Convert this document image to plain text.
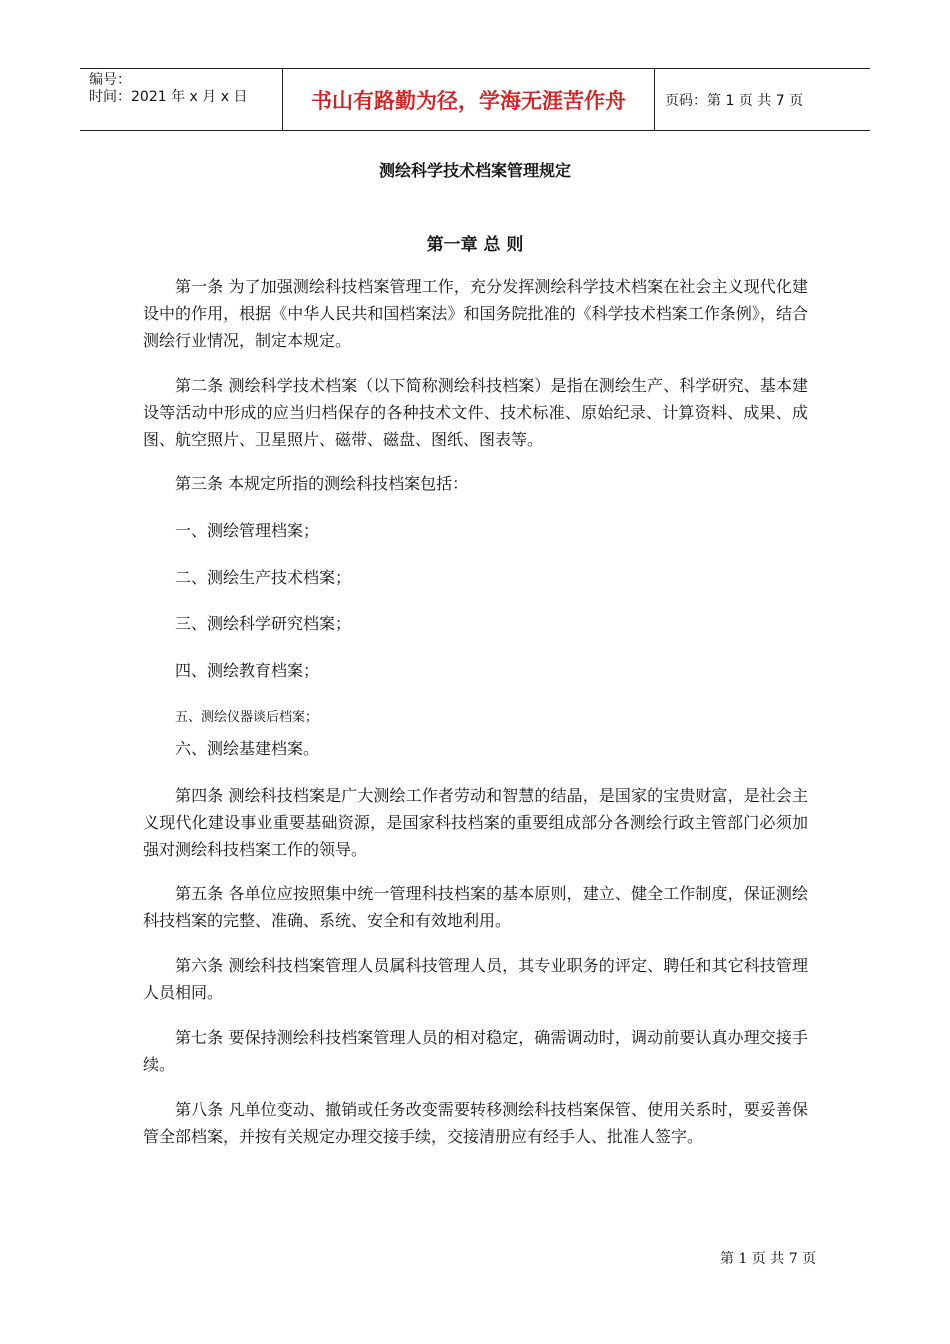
编号：
时间：2021 年 x 月 x 日	书山有路勤为径，学海无涯苦作舟	页码：第 1 页 共 7 页
测绘科学技术档案管理规定
第一章 总 则

第一条 为了加强测绘科技档案管理工作，充分发挥测绘科学技术档案在社会主义现代化建设中的作用，根据《中华人民共和国档案法》和国务院批准的《科学技术档案工作条例》，结合测绘行业情况，制定本规定。

第二条 测绘科学技术档案（以下简称测绘科技档案）是指在测绘生产、科学研究、基本建设等活动中形成的应当归档保存的各种技术文件、技术标准、原始纪录、计算资料、成果、成图、航空照片、卫星照片、磁带、磁盘、图纸、图表等。

第三条 本规定所指的测绘科技档案包括：

一、测绘管理档案；

二、测绘生产技术档案；

三、测绘科学研究档案；

四、测绘教育档案；

五、测绘仪器谈后档案；

六、测绘基建档案。

第四条 测绘科技档案是广大测绘工作者劳动和智慧的结晶，是国家的宝贵财富，是社会主义现代化建设事业重要基础资源，是国家科技档案的重要组成部分各测绘行政主管部门必须加强对测绘科技档案工作的领导。

第五条 各单位应按照集中统一管理科技档案的基本原则，建立、健全工作制度，保证测绘科技档案的完整、准确、系统、安全和有效地利用。

第六条 测绘科技档案管理人员属科技管理人员，其专业职务的评定、聘任和其它科技管理人员相同。

第七条 要保持测绘科技档案管理人员的相对稳定，确需调动时，调动前要认真办理交接手续。

第八条 凡单位变动、撤销或任务改变需要转移测绘科技档案保管、使用关系时，要妥善保管全部档案，并按有关规定办理交接手续，交接清册应有经手人、批准人签字。

第 1 页 共 7 页
